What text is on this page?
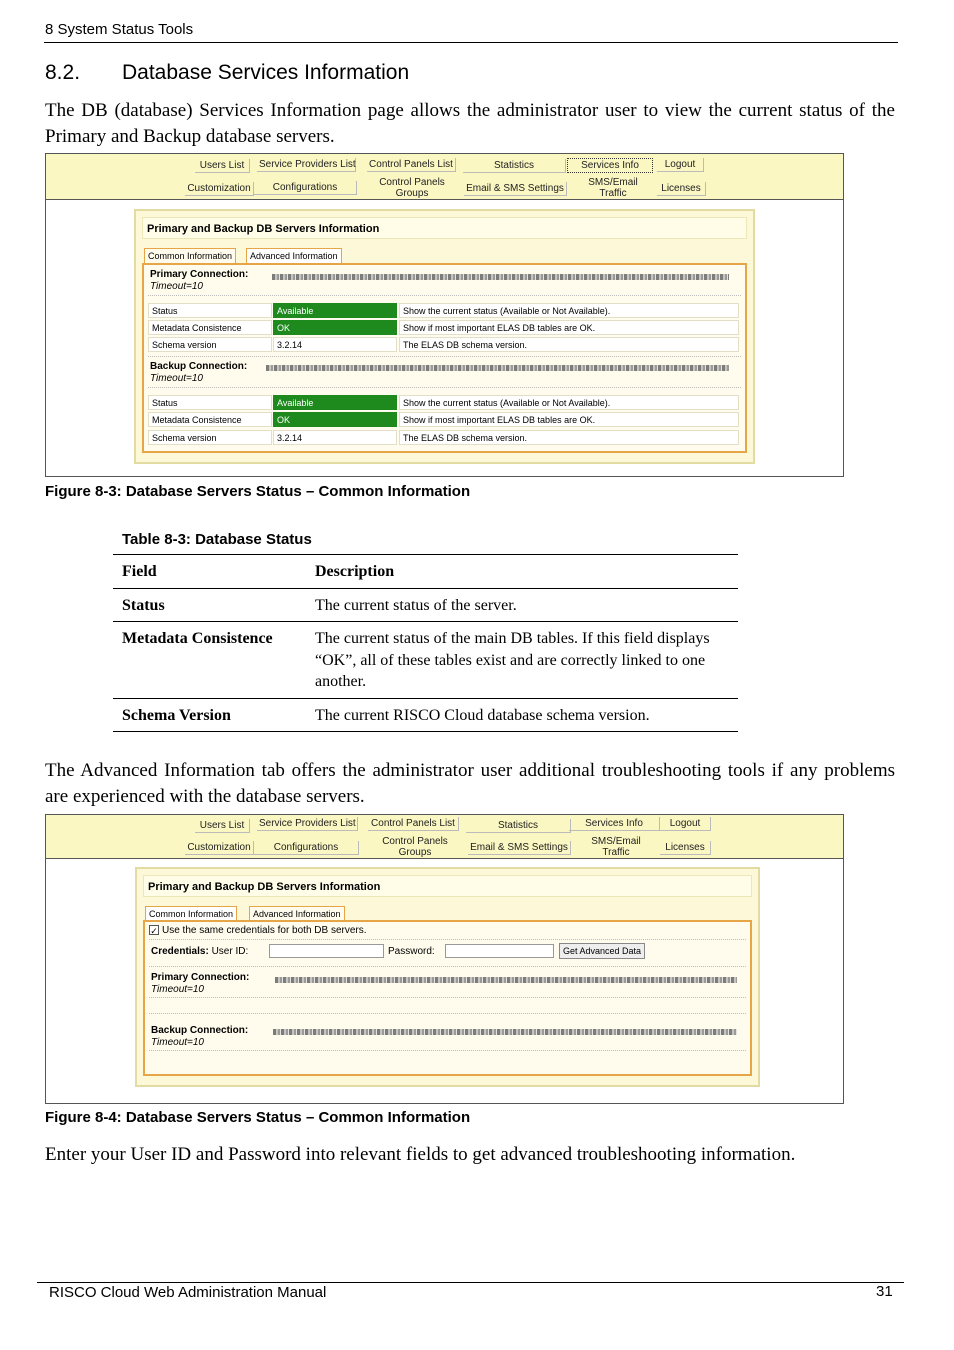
8 System Status Tools
8.2. Database Services Information
The DB (database) Services Information page allows the administrator user to view the current status of the Primary and Backup database servers.
Users List	Service Providers List Control Panels List	Statistics	Services Info	Logout
Customization	Configurations	Control Panels
Groups	Email & SMS Settings
SMS/Email
Traffic	Licenses
Primary and Backup DB Servers Information
Common Information	Advanced Information
Primary Connection:
Timeout=10
Status	Available	Show the current status (Available or Not Available).
Metadata Consistence	OK	Show if most important ELAS DB tables are OK.
Schema version	3.2.14	The ELAS DB schema version.
Backup Connection:
Timeout=10
Status	Available	Show the current status (Available or Not Available).
Metadata Consistence	OK	Show if most important ELAS DB tables are OK.
Schema version	3.2.14	The ELAS DB schema version.
Figure 8-3: Database Servers Status – Common Information
Table 8-3: Database Status
Field	Description
Status	The current status of the server.
Metadata Consistence	The current status of the main DB tables. If this field displays “OK”, all of these tables exist and are correctly linked to one another.
Schema Version	The current RISCO Cloud database schema version.
The Advanced Information tab offers the administrator user additional troubleshooting tools if any problems are experienced with the database servers.
Users List	Service Providers List	Control Panels List	Statistics	Services Info	Logout
Customization	Configurations
Control Panels
Groups	Email & SMS Settings
SMS/Email
Traffic	Licenses
Primary and Backup DB Servers Information
Common Information	Advanced Information
✓ Use the same credentials for both DB servers.
Credentials: User ID:	Password:	Get Advanced Data
Primary Connection:
Timeout=10
Backup Connection:
Timeout=10
Figure 8-4: Database Servers Status – Common Information
Enter your User ID and Password into relevant fields to get advanced troubleshooting information.
RISCO Cloud Web Administration Manual	31
